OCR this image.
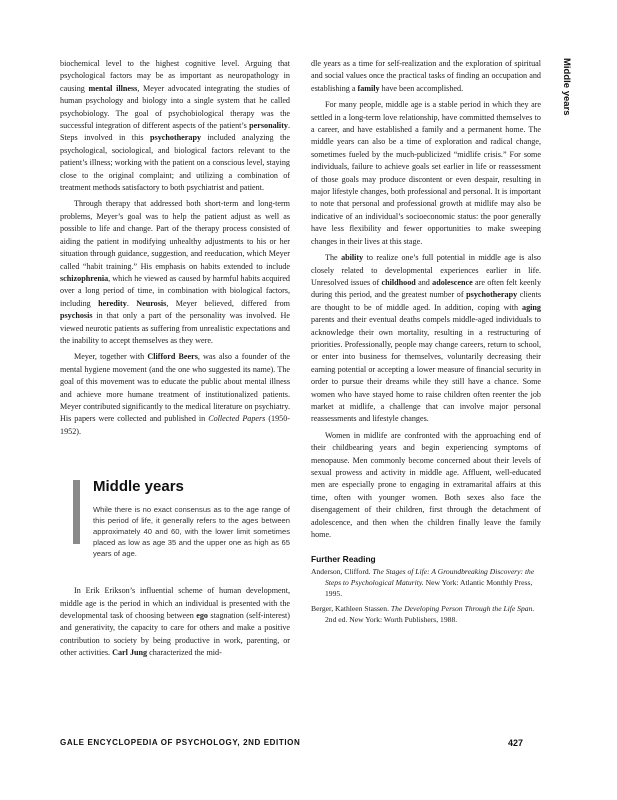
Middle years

biochemical level to the highest cognitive level. Arguing that psychological factors may be as important as neuropathology in causing mental illness, Meyer advocated integrating the studies of human psychology and biology into a single system that he called psychobiology. The goal of psychobiological therapy was the successful integration of different aspects of the patient’s personality. Steps involved in this psychotherapy included analyzing the psychological, sociological, and biological factors relevant to the patient’s illness; working with the patient on a conscious level, staying close to the original complaint; and utilizing a combination of treatment methods satisfactory to both psychiatrist and patient.

Through therapy that addressed both short-term and long-term problems, Meyer’s goal was to help the patient adjust as well as possible to life and change. Part of the therapy process consisted of aiding the patient in modifying unhealthy adjustments to his or her situation through guidance, suggestion, and reeducation, which Meyer called “habit training.” His emphasis on habits extended to include schizophrenia, which he viewed as caused by harmful habits acquired over a long period of time, in combination with biological factors, including heredity. Neurosis, Meyer believed, differed from psychosis in that only a part of the personality was involved. He viewed neurotic patients as suffering from unrealistic expectations and the inability to accept themselves as they were.

Meyer, together with Clifford Beers, was also a founder of the mental hygiene movement (and the one who suggested its name). The goal of this movement was to educate the public about mental illness and achieve more humane treatment of institutionalized patients. Meyer contributed significantly to the medical literature on psychiatry. His papers were collected and published in Collected Papers (1950-1952).

Middle years
While there is no exact consensus as to the age range of this period of life, it generally refers to the ages between approximately 40 and 60, with the lower limit sometimes placed as low as age 35 and the upper one as high as 65 years of age.

In Erik Erikson’s influential scheme of human development, middle age is the period in which an individual is presented with the developmental task of choosing between ego stagnation (self-interest) and generativity, the capacity to care for others and make a positive contribution to society by being productive in work, parenting, or other activities. Carl Jung characterized the mid-

dle years as a time for self-realization and the exploration of spiritual and social values once the practical tasks of finding an occupation and establishing a family have been accomplished.

For many people, middle age is a stable period in which they are settled in a long-term love relationship, have committed themselves to a career, and have established a family and a permanent home. The middle years can also be a time of exploration and radical change, sometimes fueled by the much-publicized “midlife crisis.” For some individuals, failure to achieve goals set earlier in life or reassessment of those goals may produce discontent or even despair, resulting in major lifestyle changes, both professional and personal. It is important to note that personal and professional growth at midlife may also be indicative of an individual’s socioeconomic status: the poor generally have less flexibility and fewer opportunities to make sweeping changes in their lives at this stage.

The ability to realize one’s full potential in middle age is also closely related to developmental experiences earlier in life. Unresolved issues of childhood and adolescence are often felt keenly during this period, and the greatest number of psychotherapy clients are thought to be of middle aged. In addition, coping with aging parents and their eventual deaths compels middle-aged individuals to acknowledge their own mortality, resulting in a restructuring of priorities. Professionally, people may change careers, return to school, or enter into business for themselves, voluntarily decreasing their earning potential or accepting a lower measure of financial security in order to pursue their dreams while they still have a chance. Some women who have stayed home to raise children often reenter the job market at midlife, a challenge that can involve major personal reassessments and lifestyle changes.

Women in midlife are confronted with the approaching end of their childbearing years and begin experiencing symptoms of menopause. Men commonly become concerned about their levels of sexual prowess and activity in middle age. Affluent, well-educated men are especially prone to engaging in extramarital affairs at this time, often with younger women. Both sexes also face the disengagement of their children, first through the detachment of adolescence, and then when the children finally leave the family home.

Further Reading

Anderson, Clifford. The Stages of Life: A Groundbreaking Discovery: the Steps to Psychological Maturity. New York: Atlantic Monthly Press, 1995.

Berger, Kathleen Stassen. The Developing Person Through the Life Span. 2nd ed. New York: Worth Publishers, 1988.

GALE ENCYCLOPEDIA OF PSYCHOLOGY, 2ND EDITION	427
